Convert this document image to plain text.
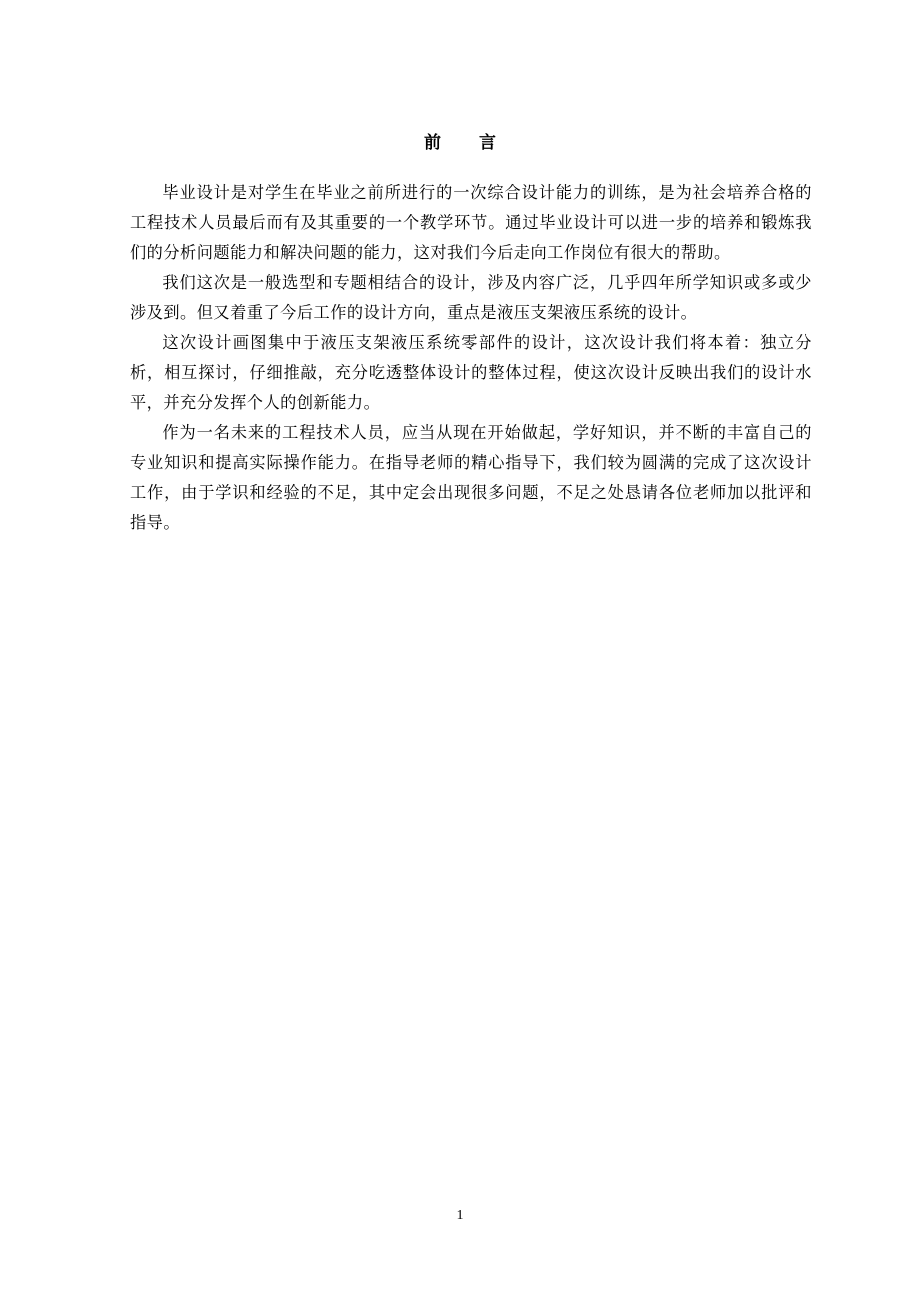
前 言

毕业设计是对学生在毕业之前所进行的一次综合设计能力的训练，是为社会培养合格的工程技术人员最后而有及其重要的一个教学环节。通过毕业设计可以进一步的培养和锻炼我们的分析问题能力和解决问题的能力，这对我们今后走向工作岗位有很大的帮助。

我们这次是一般选型和专题相结合的设计，涉及内容广泛，几乎四年所学知识或多或少涉及到。但又着重了今后工作的设计方向，重点是液压支架液压系统的设计。

这次设计画图集中于液压支架液压系统零部件的设计，这次设计我们将本着：独立分析，相互探讨，仔细推敲，充分吃透整体设计的整体过程，使这次设计反映出我们的设计水平，并充分发挥个人的创新能力。

作为一名未来的工程技术人员，应当从现在开始做起，学好知识，并不断的丰富自己的专业知识和提高实际操作能力。在指导老师的精心指导下，我们较为圆满的完成了这次设计工作，由于学识和经验的不足，其中定会出现很多问题，不足之处恳请各位老师加以批评和指导。

1
